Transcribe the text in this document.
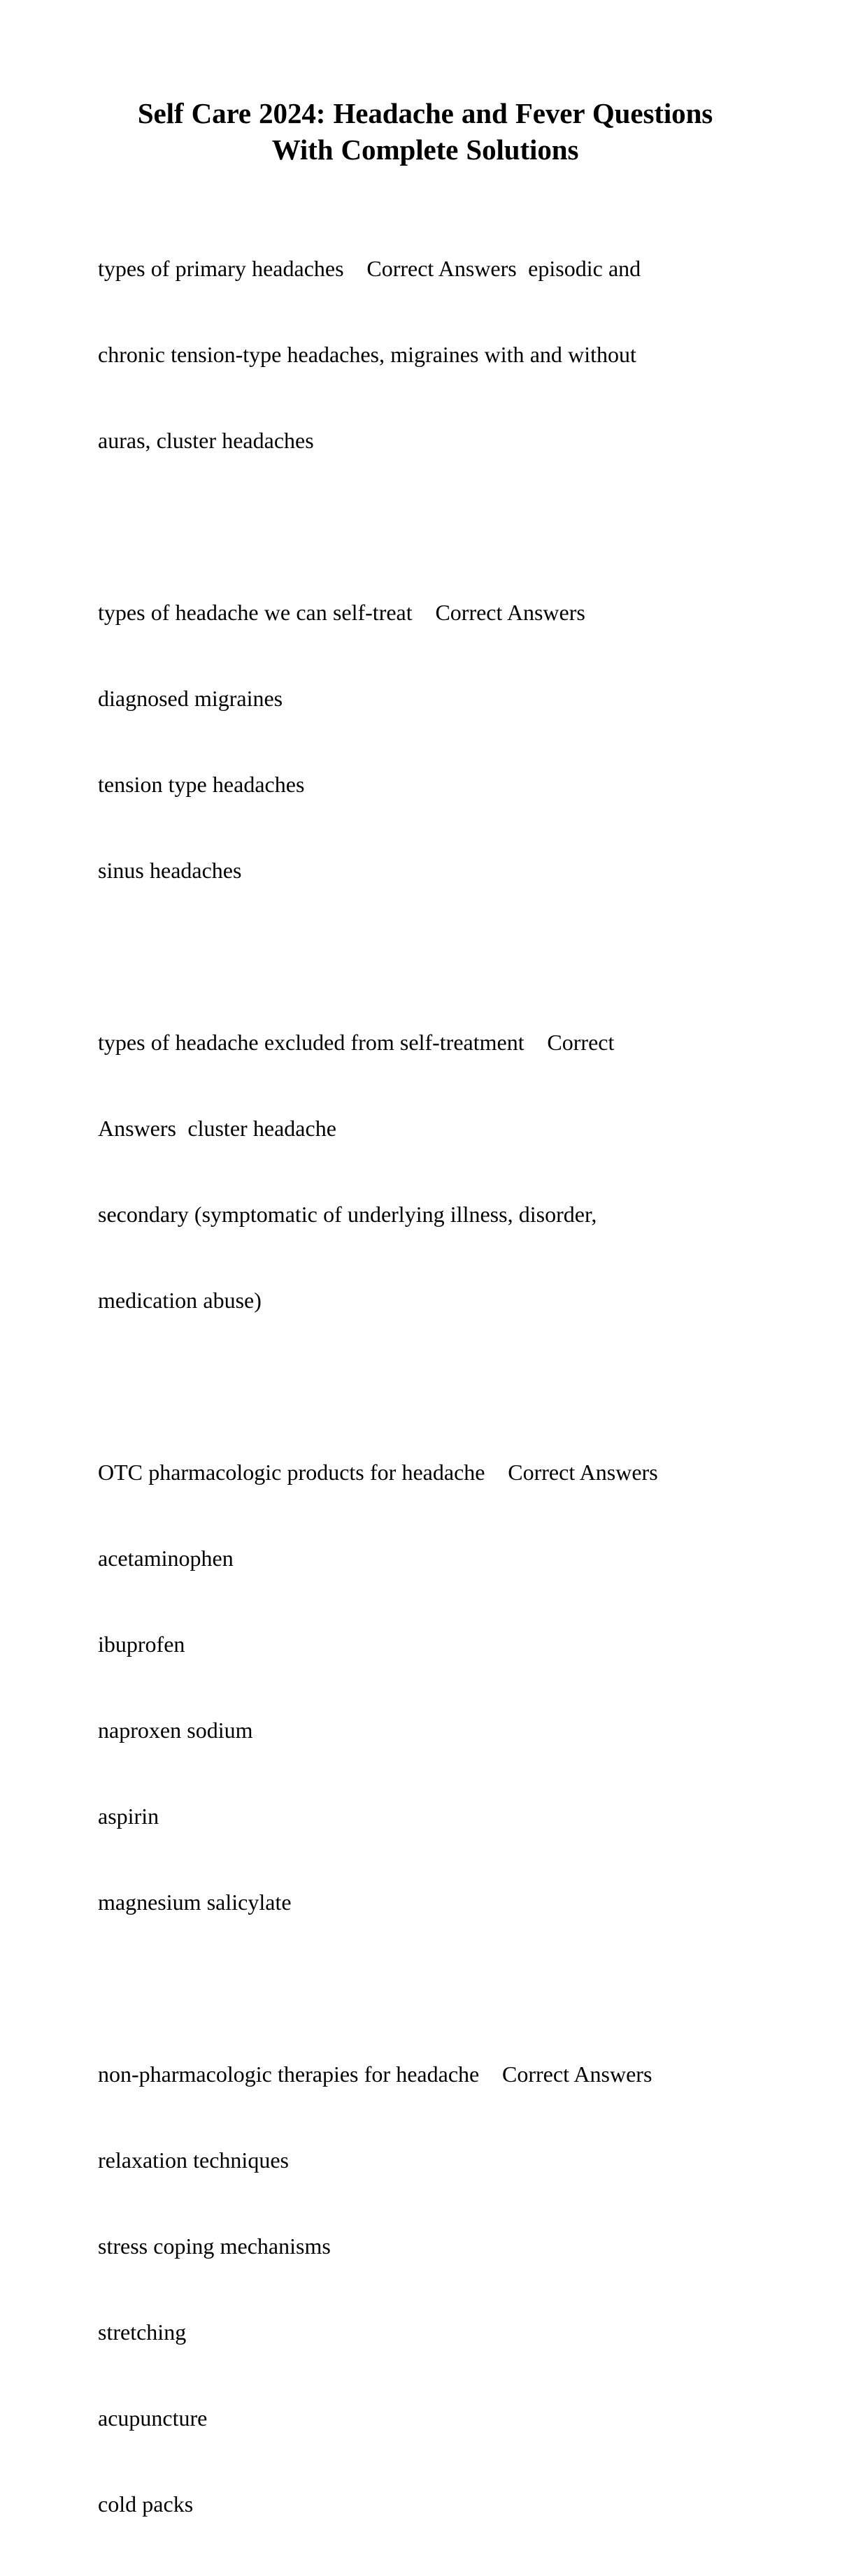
Self Care 2024: Headache and Fever Questions With Complete Solutions

types of primary headaches    Correct Answers  episodic and

chronic tension-type headaches, migraines with and without

auras, cluster headaches

types of headache we can self-treat    Correct Answers

diagnosed migraines

tension type headaches

sinus headaches

types of headache excluded from self-treatment    Correct

Answers  cluster headache

secondary (symptomatic of underlying illness, disorder,

medication abuse)

OTC pharmacologic products for headache    Correct Answers

acetaminophen

ibuprofen

naproxen sodium

aspirin

magnesium salicylate

non-pharmacologic therapies for headache    Correct Answers

relaxation techniques

stress coping mechanisms

stretching

acupuncture

cold packs
